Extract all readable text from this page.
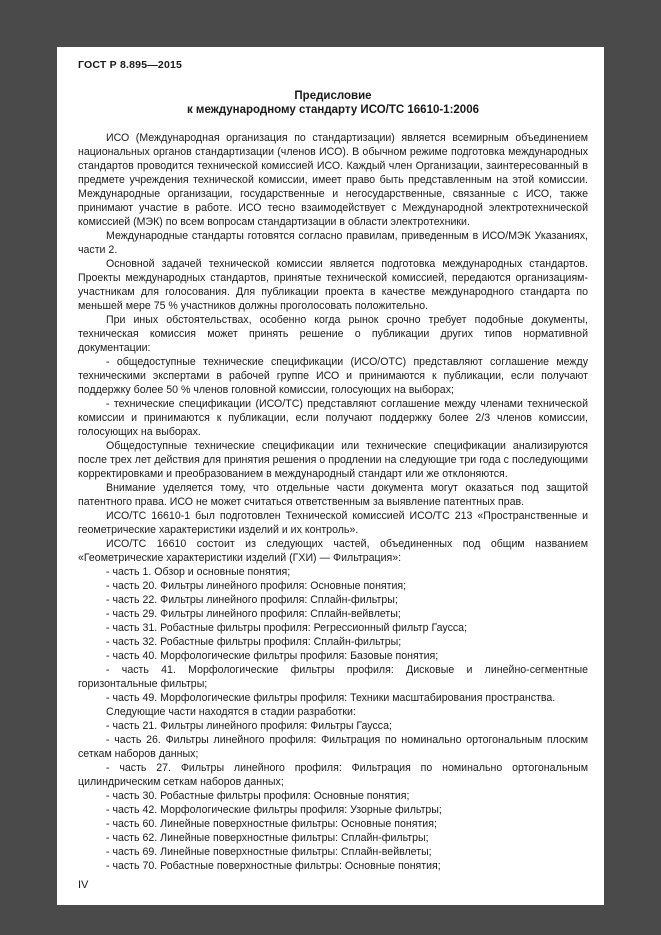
ГОСТ Р 8.895—2015
Предисловие
к международному стандарту ИСО/ТС 16610-1:2006

ИСО (Международная организация по стандартизации) является всемирным объединением национальных органов стандартизации (членов ИСО). В обычном режиме подготовка международных стандартов проводится технической комиссией ИСО. Каждый член Организации, заинтересованный в предмете учреждения технической комиссии, имеет право быть представленным на этой комиссии. Международные организации, государственные и негосударственные, связанные с ИСО, также принимают участие в работе. ИСО тесно взаимодействует с Международной электротехнической комиссией (МЭК) по всем вопросам стандартизации в области электротехники.

Международные стандарты готовятся согласно правилам, приведенным в ИСО/МЭК Указаниях, части 2.

Основной задачей технической комиссии является подготовка международных стандартов. Проекты международных стандартов, принятые технической комиссией, передаются организациям-участникам для голосования. Для публикации проекта в качестве международного стандарта по меньшей мере 75 % участников должны проголосовать положительно.

При иных обстоятельствах, особенно когда рынок срочно требует подобные документы, техническая комиссия может принять решение о публикации других типов нормативной документации:

- общедоступные технические спецификации (ИСО/ОТС) представляют соглашение между техническими экспертами в рабочей группе ИСО и принимаются к публикации, если получают поддержку более 50 % членов головной комиссии, голосующих на выборах;

- технические спецификации (ИСО/ТС) представляют соглашение между членами технической комиссии и принимаются к публикации, если получают поддержку более 2/3 членов комиссии, голосующих на выборах.

Общедоступные технические спецификации или технические спецификации анализируются после трех лет действия для принятия решения о продлении на следующие три года с последующими корректировками и преобразованием в международный стандарт или же отклоняются.

Внимание уделяется тому, что отдельные части документа могут оказаться под защитой патентного права. ИСО не может считаться ответственным за выявление патентных прав.

ИСО/ТС 16610-1 был подготовлен Технической комиссией ИСО/ТС 213 «Пространственные и геометрические характеристики изделий и их контроль».

ИСО/ТС 16610 состоит из следующих частей, объединенных под общим названием «Геометрические характеристики изделий (ГХИ) — Фильтрация»:

- часть 1. Обзор и основные понятия;

- часть 20. Фильтры линейного профиля: Основные понятия;

- часть 22. Фильтры линейного профиля: Сплайн-фильтры;

- часть 29. Фильтры линейного профиля: Сплайн-вейвлеты;

- часть 31. Робастные фильтры профиля: Регрессионный фильтр Гаусса;

- часть 32. Робастные фильтры профиля: Сплайн-фильтры;

- часть 40. Морфологические фильтры профиля: Базовые понятия;

- часть 41. Морфологические фильтры профиля: Дисковые и линейно-сегментные горизонтальные фильтры;

- часть 49. Морфологические фильтры профиля: Техники масштабирования пространства.

Следующие части находятся в стадии разработки:

- часть 21. Фильтры линейного профиля: Фильтры Гаусса;

- часть 26. Фильтры линейного профиля: Фильтрация по номинально ортогональным плоским сеткам наборов данных;

- часть 27. Фильтры линейного профиля: Фильтрация по номинально ортогональным цилиндрическим сеткам наборов данных;

- часть 30. Робастные фильтры профиля: Основные понятия;

- часть 42. Морфологические фильтры профиля: Узорные фильтры;

- часть 60. Линейные поверхностные фильтры: Основные понятия;

- часть 62. Линейные поверхностные фильтры: Сплайн-фильтры;

- часть 69. Линейные поверхностные фильтры: Сплайн-вейвлеты;

- часть 70. Робастные поверхностные фильтры: Основные понятия;

IV
